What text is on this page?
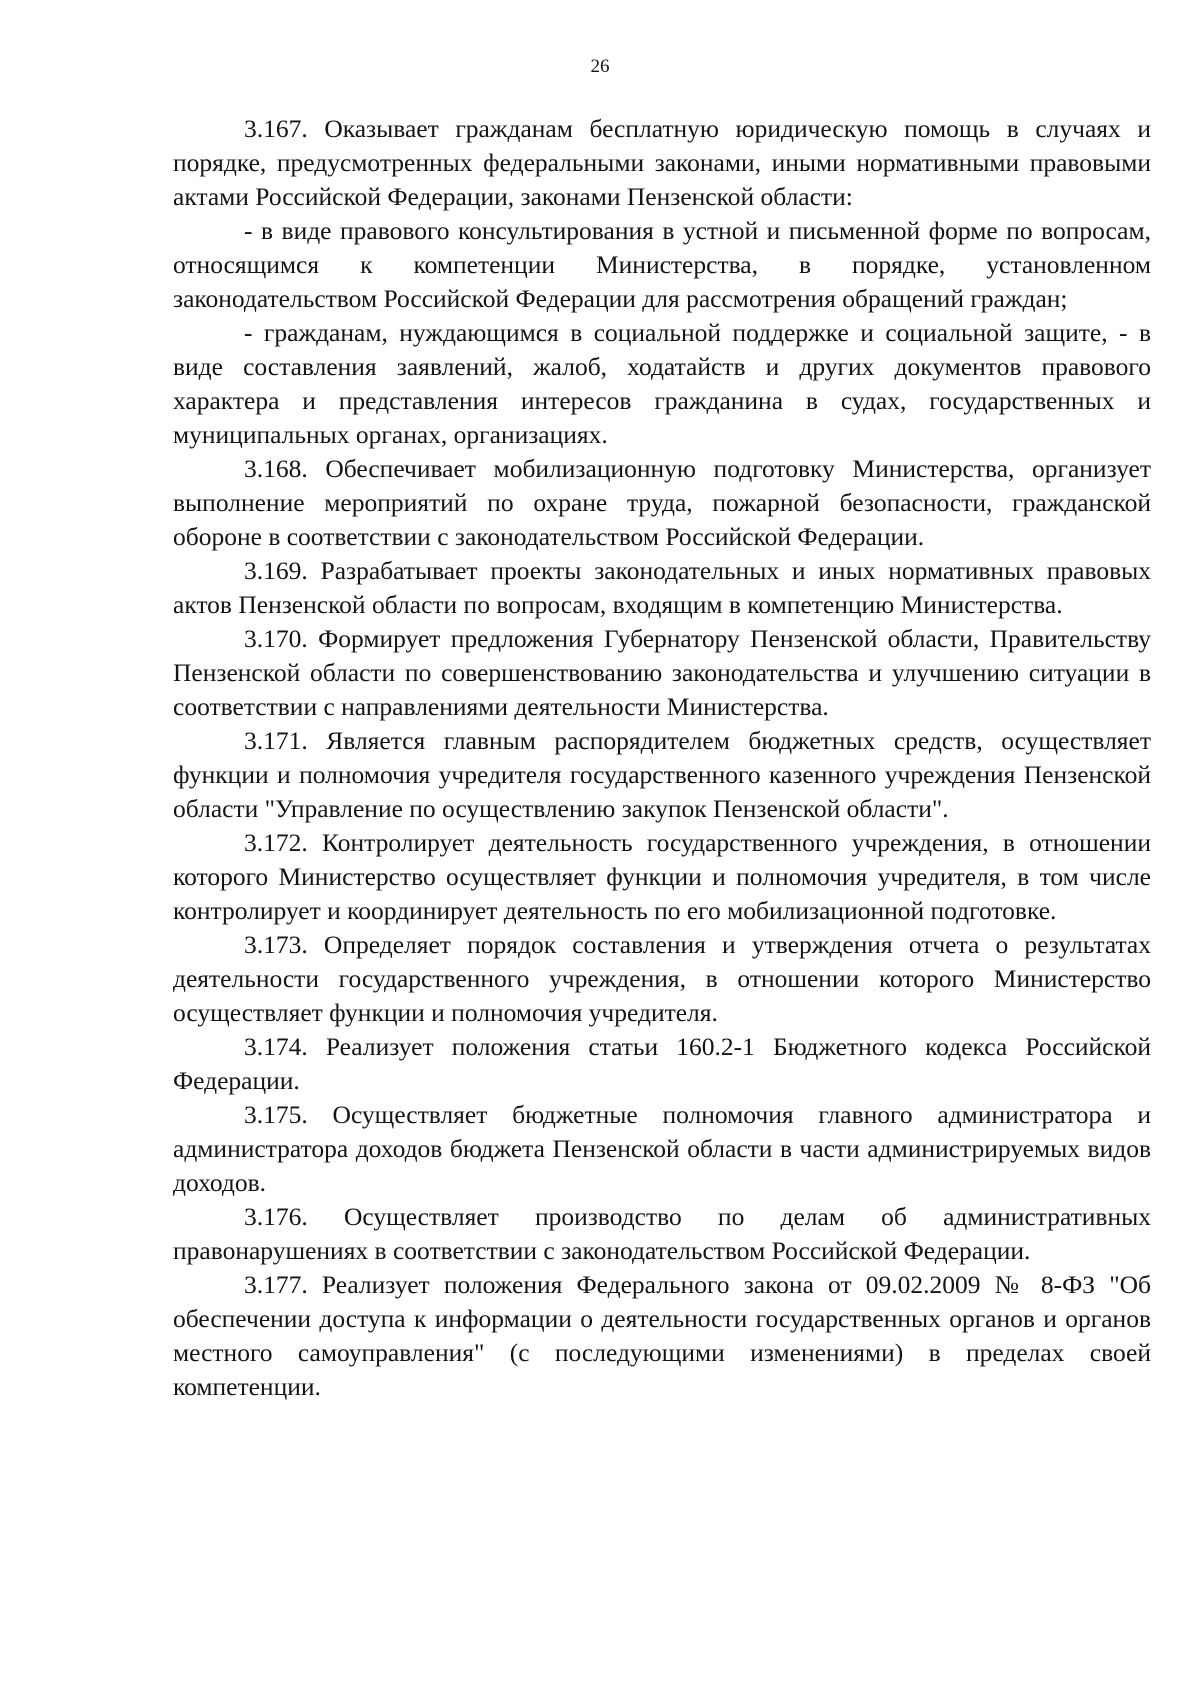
26

3.167. Оказывает гражданам бесплатную юридическую помощь в случаях и порядке, предусмотренных федеральными законами, иными нормативными правовыми актами Российской Федерации, законами Пензенской области:

- в виде правового консультирования в устной и письменной форме по вопросам, относящимся к компетенции Министерства, в порядке, установленном законодательством Российской Федерации для рассмотрения обращений граждан;

- гражданам, нуждающимся в социальной поддержке и социальной защите, - в виде составления заявлений, жалоб, ходатайств и других документов правового характера и представления интересов гражданина в судах, государственных и муниципальных органах, организациях.

3.168. Обеспечивает мобилизационную подготовку Министерства, организует выполнение мероприятий по охране труда, пожарной безопасности, гражданской обороне в соответствии с законодательством Российской Федерации.

3.169. Разрабатывает проекты законодательных и иных нормативных правовых актов Пензенской области по вопросам, входящим в компетенцию Министерства.

3.170. Формирует предложения Губернатору Пензенской области, Правительству Пензенской области по совершенствованию законодательства и улучшению ситуации в соответствии с направлениями деятельности Министерства.

3.171. Является главным распорядителем бюджетных средств, осуществляет функции и полномочия учредителя государственного казенного учреждения Пензенской области "Управление по осуществлению закупок Пензенской области".

3.172. Контролирует деятельность государственного учреждения, в отношении которого Министерство осуществляет функции и полномочия учредителя, в том числе контролирует и координирует деятельность по его мобилизационной подготовке.

3.173. Определяет порядок составления и утверждения отчета о результатах деятельности государственного учреждения, в отношении которого Министерство осуществляет функции и полномочия учредителя.

3.174. Реализует положения статьи 160.2-1 Бюджетного кодекса Российской Федерации.

3.175. Осуществляет бюджетные полномочия главного администратора и администратора доходов бюджета Пензенской области в части администрируемых видов доходов.

3.176. Осуществляет производство по делам об административных правонарушениях в соответствии с законодательством Российской Федерации.

3.177. Реализует положения Федерального закона от 09.02.2009 № 8-ФЗ "Об обеспечении доступа к информации о деятельности государственных органов и органов местного самоуправления" (с последующими изменениями) в пределах своей компетенции.
